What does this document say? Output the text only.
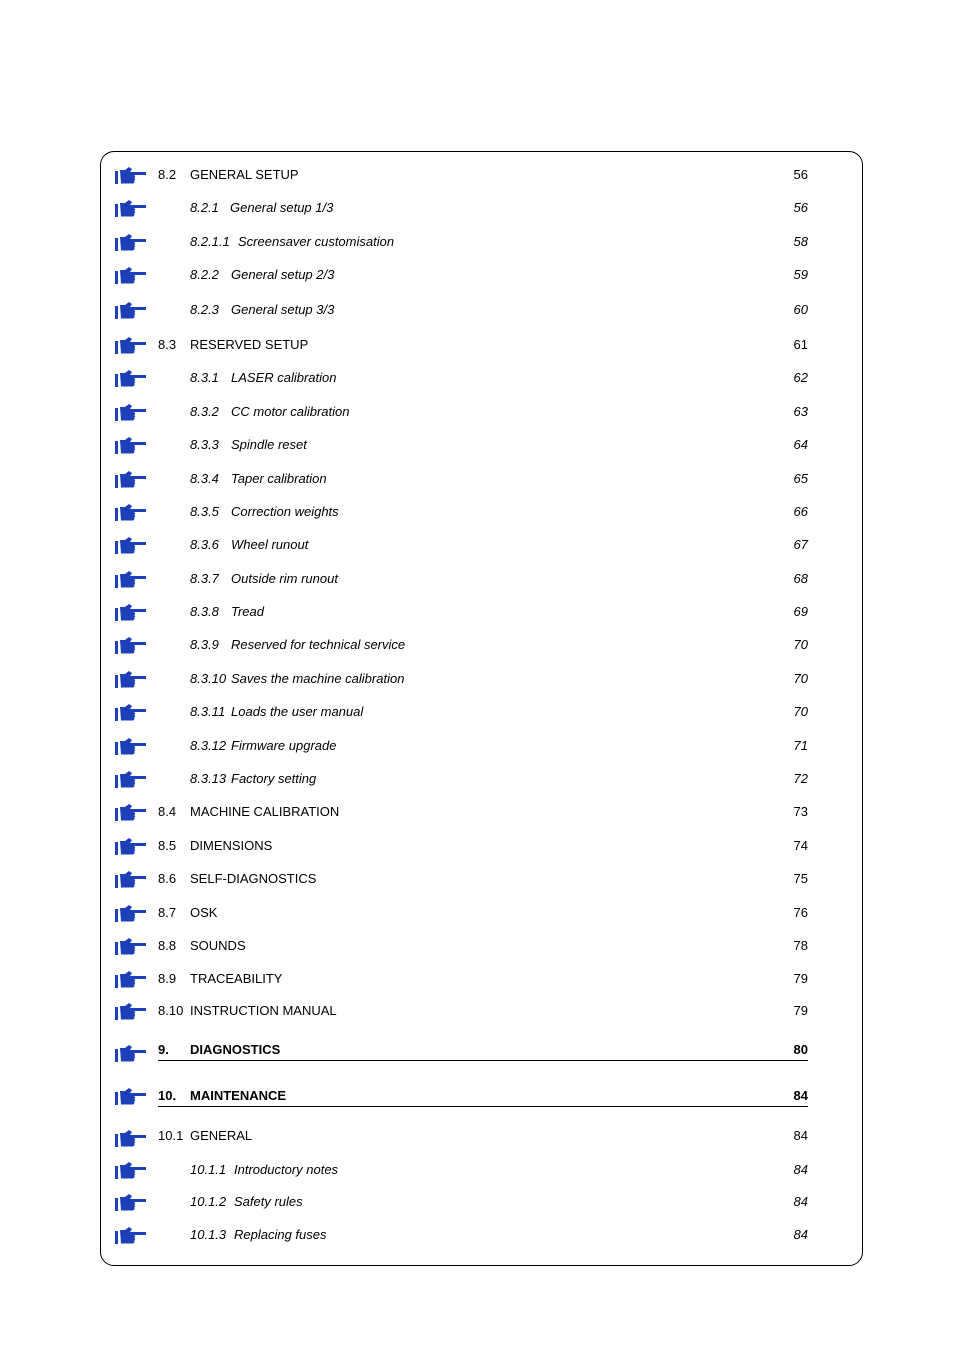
8.2 GENERAL SETUP	56
8.2.1 General setup 1/3	56
8.2.1.1 Screensaver customisation	58
8.2.2 General setup 2/3	59
8.2.3 General setup 3/3	60
8.3 RESERVED SETUP	61
8.3.1 LASER calibration	62
8.3.2 CC motor calibration	63
8.3.3 Spindle reset	64
8.3.4 Taper calibration	65
8.3.5 Correction weights	66
8.3.6 Wheel runout	67
8.3.7 Outside rim runout	68
8.3.8 Tread	69
8.3.9 Reserved for technical service	70
8.3.10 Saves the machine calibration	70
8.3.11 Loads the user manual	70
8.3.12 Firmware upgrade	71
8.3.13 Factory setting	72
8.4 MACHINE CALIBRATION	73
8.5 DIMENSIONS	74
8.6 SELF-DIAGNOSTICS	75
8.7 OSK	76
8.8 SOUNDS	78
8.9 TRACEABILITY	79
8.10 INSTRUCTION MANUAL	79
9. DIAGNOSTICS	80
10. MAINTENANCE	84
10.1 GENERAL	84
10.1.1 Introductory notes	84
10.1.2 Safety rules	84
10.1.3 Replacing fuses	84
